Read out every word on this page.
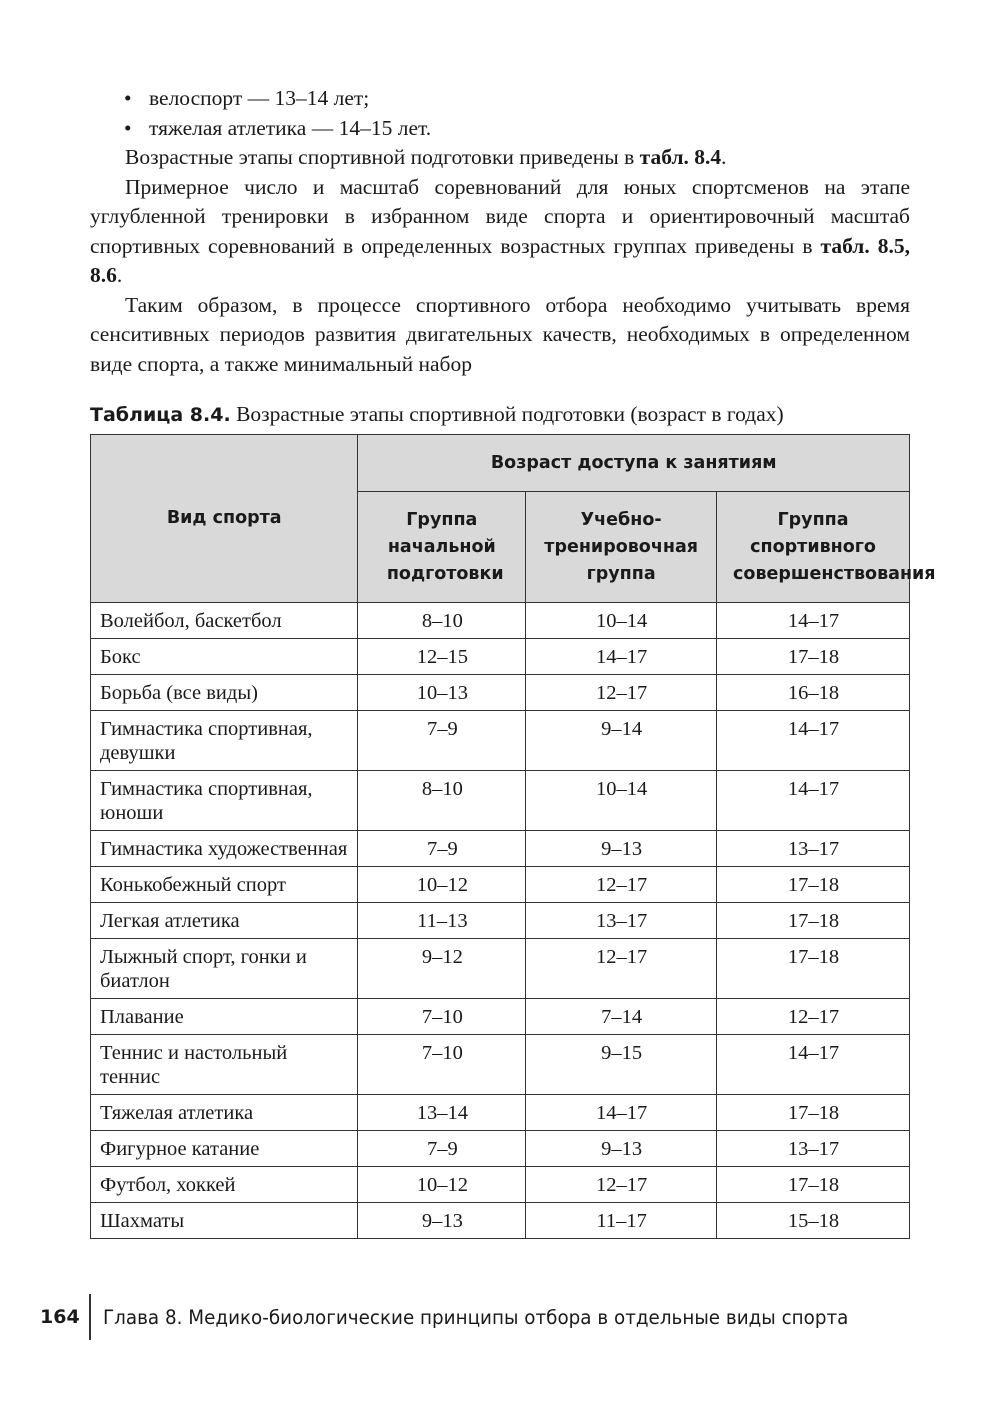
• велоспорт — 13–14 лет;
• тяжелая атлетика — 14–15 лет.

Возрастные этапы спортивной подготовки приведены в табл. 8.4.

Примерное число и масштаб соревнований для юных спортсменов на этапе углубленной тренировки в избранном виде спорта и ориентировочный масштаб спортивных соревнований в определенных возрастных группах приведены в табл. 8.5, 8.6.

Таким образом, в процессе спортивного отбора необходимо учитывать время сенситивных периодов развития двигательных качеств, необходимых в определенном виде спорта, а также минимальный набор

Таблица 8.4. Возрастные этапы спортивной подготовки (возраст в годах)
Вид спорта	Возраст доступа к занятиям		
	Группа начальной подготовки	Учебно-тренировочная группа	Группа спортивного совершенствования
Волейбол, баскетбол	8–10	10–14	14–17
Бокс	12–15	14–17	17–18
Борьба (все виды)	10–13	12–17	16–18
Гимнастика спортивная, девушки	7–9	9–14	14–17
Гимнастика спортивная, юноши	8–10	10–14	14–17
Гимнастика художественная	7–9	9–13	13–17
Конькобежный спорт	10–12	12–17	17–18
Легкая атлетика	11–13	13–17	17–18
Лыжный спорт, гонки и биатлон	9–12	12–17	17–18
Плавание	7–10	7–14	12–17
Теннис и настольный теннис	7–10	9–15	14–17
Тяжелая атлетика	13–14	14–17	17–18
Фигурное катание	7–9	9–13	13–17
Футбол, хоккей	10–12	12–17	17–18
Шахматы	9–13	11–17	15–18
164 Глава 8. Медико-биологические принципы отбора в отдельные виды спорта
